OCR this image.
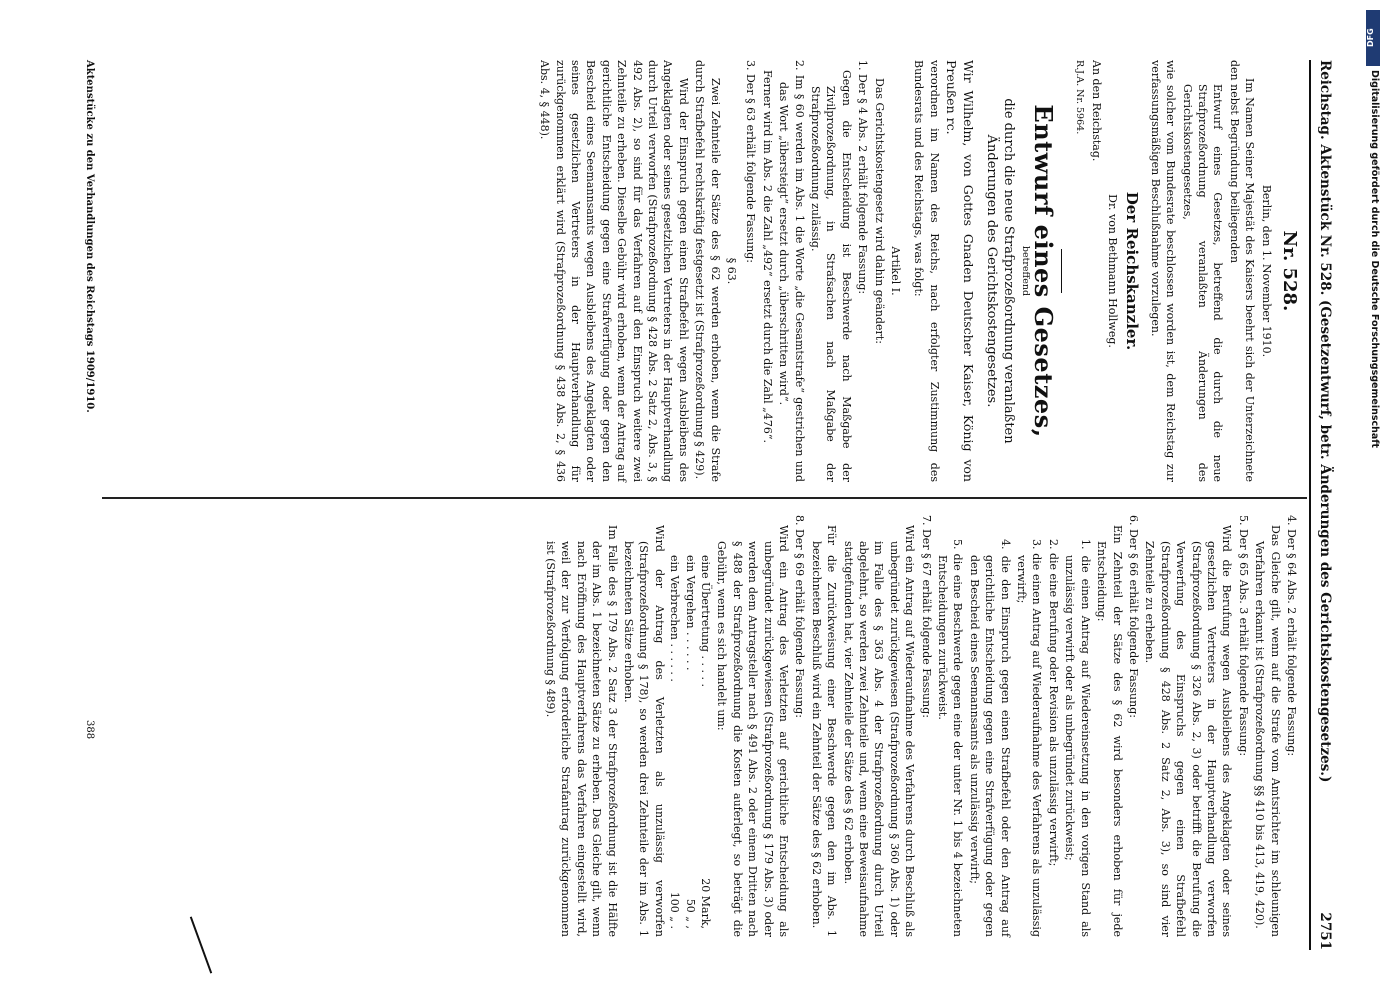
Reichstag. Aktenstück Nr. 528. (Gesetzentwurf, betr. Änderungen des Gerichtskostengesetzes.)
2751
Nr. 528.

Berlin, den 1. November 1910.

Im Namen Seiner Majestät des Kaisers beehrt sich der Unterzeichnete den nebst Begründung beiliegenden

Entwurf eines Gesetzes, betreffend die durch die neue Strafprozeßordnung veranlaßten Änderungen des Gerichtskostengesetzes,

wie solcher vom Bundesrate beschlossen worden ist, dem Reichstag zur verfassungsmäßigen Beschlußnahme vorzulegen.

Der Reichskanzler.

Dr. von Bethmann Hollweg.

An den Reichstag.

R.J.A. Nr. 5964.

Entwurf eines Gesetzes,

betreffend

die durch die neue Strafprozeßordnung veranlaßten Änderungen des Gerichtskostengesetzes.

Wir Wilhelm, von Gottes Gnaden Deutscher Kaiser, König von Preußen rc.

verordnen im Namen des Reichs, nach erfolgter Zustimmung des Bundesrats und des Reichstags, was folgt:

Artikel I.

Das Gerichtskostengesetz wird dahin geändert:

1. Der § 4 Abs. 2 erhält folgende Fassung:

Gegen die Entscheidung ist Beschwerde nach Maßgabe der Zivilprozeßordnung, in Strafsachen nach Maßgabe der Strafprozeßordnung zulässig.

2. Im § 60 werden im Abs. 1 die Worte „die Gesamtstrafe“ gestrichen und das Wort „übersteigt“ ersetzt durch „überschritten wird“.

Ferner wird im Abs. 2 die Zahl „492“ ersetzt durch die Zahl „476“.

3. Der § 63 erhält folgende Fassung:

§ 63.

Zwei Zehnteile der Sätze des § 62 werden erhoben, wenn die Strafe durch Strafbefehl rechtskräftig festgesetzt ist (Strafprozeßordnung § 429).

Wird der Einspruch gegen einen Strafbefehl wegen Ausbleibens des Angeklagten oder seines gesetzlichen Vertreters in der Hauptverhandlung durch Urteil verworfen (Strafprozeßordnung § 428 Abs. 2 Satz 2, Abs. 3, § 492 Abs. 2), so sind für das Verfahren auf den Einspruch weitere zwei Zehnteile zu erheben. Dieselbe Gebühr wird erhoben, wenn der Antrag auf gerichtliche Entscheidung gegen eine Strafverfügung oder gegen den Bescheid eines Seemannsamts wegen Ausbleibens des Angeklagten oder seines gesetzlichen Vertreters in der Hauptverhandlung für zurückgenommen erklärt wird (Strafprozeßordnung § 438 Abs. 2, § 436 Abs. 4, § 448).

4. Der § 64 Abs. 2 erhält folgende Fassung:

Das Gleiche gilt, wenn auf die Strafe vom Amtsrichter im schleunigen Verfahren erkannt ist (Strafprozeßordnung §§ 410 bis 413, 419, 420).

5. Der § 65 Abs. 3 erhält folgende Fassung:

Wird die Berufung wegen Ausbleibens des Angeklagten oder seines gesetzlichen Vertreters in der Hauptverhandlung verworfen (Strafprozeßordnung § 326 Abs. 2, 3) oder betrifft die Berufung die Verwerfung des Einspruchs gegen einen Strafbefehl (Strafprozeßordnung § 428 Abs. 2 Satz 2, Abs. 3), so sind vier Zehnteile zu erheben.

6. Der § 66 erhält folgende Fassung:

Ein Zehnteil der Sätze des § 62 wird besonders erhoben für jede Entscheidung:

1. die einen Antrag auf Wiedereinsetzung in den vorigen Stand als unzulässig verwirft oder als unbegründet zurückweist;

2. die eine Berufung oder Revision als unzulässig verwirft;

3. die einen Antrag auf Wiederaufnahme des Verfahrens als unzulässig verwirft;

4. die den Einspruch gegen einen Strafbefehl oder den Antrag auf gerichtliche Entscheidung gegen eine Strafverfügung oder gegen den Bescheid eines Seemannsamts als unzulässig verwirft;

5. die eine Beschwerde gegen eine der unter Nr. 1 bis 4 bezeichneten Entscheidungen zurückweist.

7. Der § 67 erhält folgende Fassung:

Wird ein Antrag auf Wiederaufnahme des Verfahrens durch Beschluß als unbegründet zurückgewiesen (Strafprozeßordnung § 360 Abs. 1) oder im Falle des § 363 Abs. 4 der Strafprozeßordnung durch Urteil abgelehnt, so werden zwei Zehnteile und, wenn eine Beweisaufnahme stattgefunden hat, vier Zehnteile der Sätze des § 62 erhoben.

Für die Zurückweisung einer Beschwerde gegen den im Abs. 1 bezeichneten Beschluß wird ein Zehnteil der Sätze des § 62 erhoben.

8. Der § 69 erhält folgende Fassung:

Wird ein Antrag des Verletzten auf gerichtliche Entscheidung als unbegründet zurückgewiesen (Strafprozeßordnung § 179 Abs. 3) oder werden dem Antragsteller nach § 491 Abs. 2 oder einem Dritten nach § 488 der Strafprozeßordnung die Kosten auferlegt, so beträgt die Gebühr, wenn es sich handelt um:

eine Übertretung . . . . .
20 Mark,
ein Vergehen . . . . . .
50 „ ,
ein Verbrechen . . . . . .
100 „ .

Wird der Antrag des Verletzten als unzulässig verworfen (Strafprozeßordnung § 178), so werden drei Zehnteile der im Abs. 1 bezeichneten Sätze erhoben.

Im Falle des § 179 Abs. 2 Satz 3 der Strafprozeßordnung ist die Hälfte der im Abs. 1 bezeichneten Sätze zu erheben. Das Gleiche gilt, wenn nach Eröffnung des Hauptverfahrens das Verfahren eingestellt wird, weil der zur Verfolgung erforderliche Strafantrag zurückgenommen ist (Strafprozeßordnung § 489).

Aktenstücke zu den Verhandlungen des Reichstags 1909/1910.
388
DFG
Digitalisierung gefördert durch die Deutsche Forschungsgemeinschaft
